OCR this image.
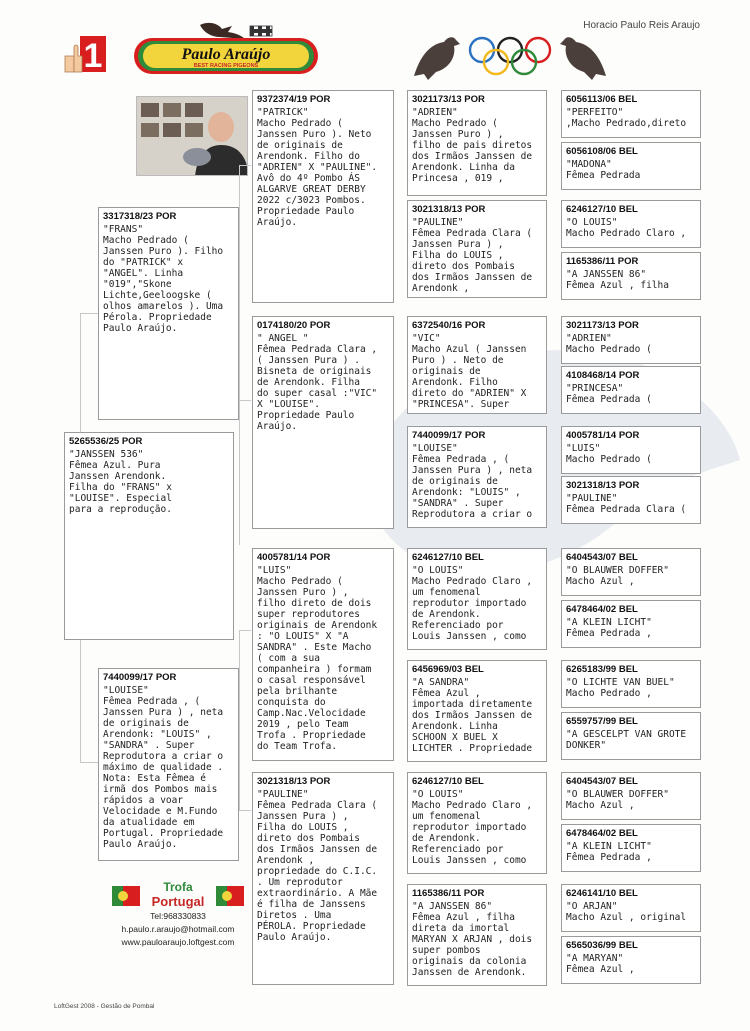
Horacio Paulo Reis Araujo
1	Paulo Araújo
BEST RACING PIGEONS
5265536/25 POR
"JANSSEN 536"
Fêmea Azul. Pura
Janssen Arendonk.
Filha do "FRANS" x
"LOUISE". Especial
para a reprodução.
3317318/23 POR
"FRANS"
Macho Pedrado (
Janssen Puro ). Filho
do "PATRICK" x
"ANGEL". Linha
"019","Skone
Lichte,Geeloogske (
olhos amarelos ). Uma
Pérola. Propriedade
Paulo Araújo.
7440099/17 POR
"LOUISE"
Fêmea Pedrada , (
Janssen Pura ) , neta
de originais de
Arendonk: "LOUIS" ,
"SANDRA" . Super
Reprodutora a criar o
máximo de qualidade .
Nota: Esta Fêmea é
irmã dos Pombos mais
rápidos a voar
Velocidade e M.Fundo
da atualidade em
Portugal. Propriedade
Paulo Araújo.
9372374/19 POR
"PATRICK"
Macho Pedrado (
Janssen Puro ). Neto
de originais de
Arendonk. Filho do
"ADRIEN" X "PAULINE".
Avô do 4º Pombo ÁS
ALGARVE GREAT DERBY
2022 c/3023 Pombos.
Propriedade Paulo
Araújo.
0174180/20 POR
" ANGEL "
Fêmea Pedrada Clara ,
( Janssen Pura ) .
Bisneta de originais
de Arendonk. Filha
do super casal :"VIC"
X "LOUISE".
Propriedade Paulo
Araújo.
4005781/14 POR
"LUIS"
Macho Pedrado (
Janssen Puro ) ,
filho direto de dois
super reprodutores
originais de Arendonk
: "O LOUIS" X "A
SANDRA" . Este Macho
( com a sua
companheira ) formam
o casal responsável
pela brilhante
conquista do
Camp.Nac.Velocidade
2019 , pelo Team
Trofa . Propriedade
do Team Trofa.
3021318/13 POR
"PAULINE"
Fêmea Pedrada Clara (
Janssen Pura ) ,
Filha do LOUIS ,
direto dos Pombais
dos Irmãos Janssen de
Arendonk ,
propriedade do C.I.C.
. Um reprodutor
extraordinário. A Mãe
é filha de Janssens
Diretos . Uma
PÉROLA. Propriedade
Paulo Araújo.
3021173/13 POR
"ADRIEN"
Macho Pedrado (
Janssen Puro ) ,
filho de pais diretos
dos Irmãos Janssen de
Arendonk. Linha da
Princesa , 019 ,
3021318/13 POR
"PAULINE"
Fêmea Pedrada Clara (
Janssen Pura ) ,
Filha do LOUIS ,
direto dos Pombais
dos Irmãos Janssen de
Arendonk ,
6372540/16 POR
"VIC"
Macho Azul ( Janssen
Puro ) . Neto de
originais de
Arendonk. Filho
direto do "ADRIEN" X
"PRINCESA". Super
7440099/17 POR
"LOUISE"
Fêmea Pedrada , (
Janssen Pura ) , neta
de originais de
Arendonk: "LOUIS" ,
"SANDRA" . Super
Reprodutora a criar o
6246127/10 BEL
"O LOUIS"
Macho Pedrado Claro ,
um fenomenal
reprodutor importado
de Arendonk.
Referenciado por
Louis Janssen , como
6456969/03 BEL
"A SANDRA"
Fêmea Azul ,
importada diretamente
dos Irmãos Janssen de
Arendonk. Linha
SCHOON X BUEL X
LICHTER . Propriedade
6246127/10 BEL
"O LOUIS"
Macho Pedrado Claro ,
um fenomenal
reprodutor importado
de Arendonk.
Referenciado por
Louis Janssen , como
1165386/11 POR
"A JANSSEN 86"
Fêmea Azul , filha
direta da imortal
MARYAN X ARJAN , dois
super pombos
originais da colonia
Janssen de Arendonk.
6056113/06 BEL
"PERFEITO"
,Macho Pedrado,direto
6056108/06 BEL
"MADONA"
Fêmea Pedrada
6246127/10 BEL
"O LOUIS"
Macho Pedrado Claro ,
1165386/11 POR
"A JANSSEN 86"
Fêmea Azul , filha
3021173/13 POR
"ADRIEN"
Macho Pedrado (
4108468/14 POR
"PRINCESA"
Fêmea Pedrada (
4005781/14 POR
"LUIS"
Macho Pedrado (
3021318/13 POR
"PAULINE"
Fêmea Pedrada Clara (
6404543/07 BEL
"O BLAUWER DOFFER"
Macho Azul ,
6478464/02 BEL
"A KLEIN LICHT"
Fêmea Pedrada ,
6265183/99 BEL
"O LICHTE VAN BUEL"
Macho Pedrado ,
6559757/99 BEL
"A GESCELPT VAN GROTE
DONKER"
6404543/07 BEL
"O BLAUWER DOFFER"
Macho Azul ,
6478464/02 BEL
"A KLEIN LICHT"
Fêmea Pedrada ,
6246141/10 BEL
"O ARJAN"
Macho Azul , original
6565036/99 BEL
"A MARYAN"
Fêmea Azul ,
Trofa
Portugal
Tel:968330833
h.paulo.r.araujo@hotmail.com
www.pauloaraujo.loftgest.com
LoftGest 2008 - Gestão de Pombal
